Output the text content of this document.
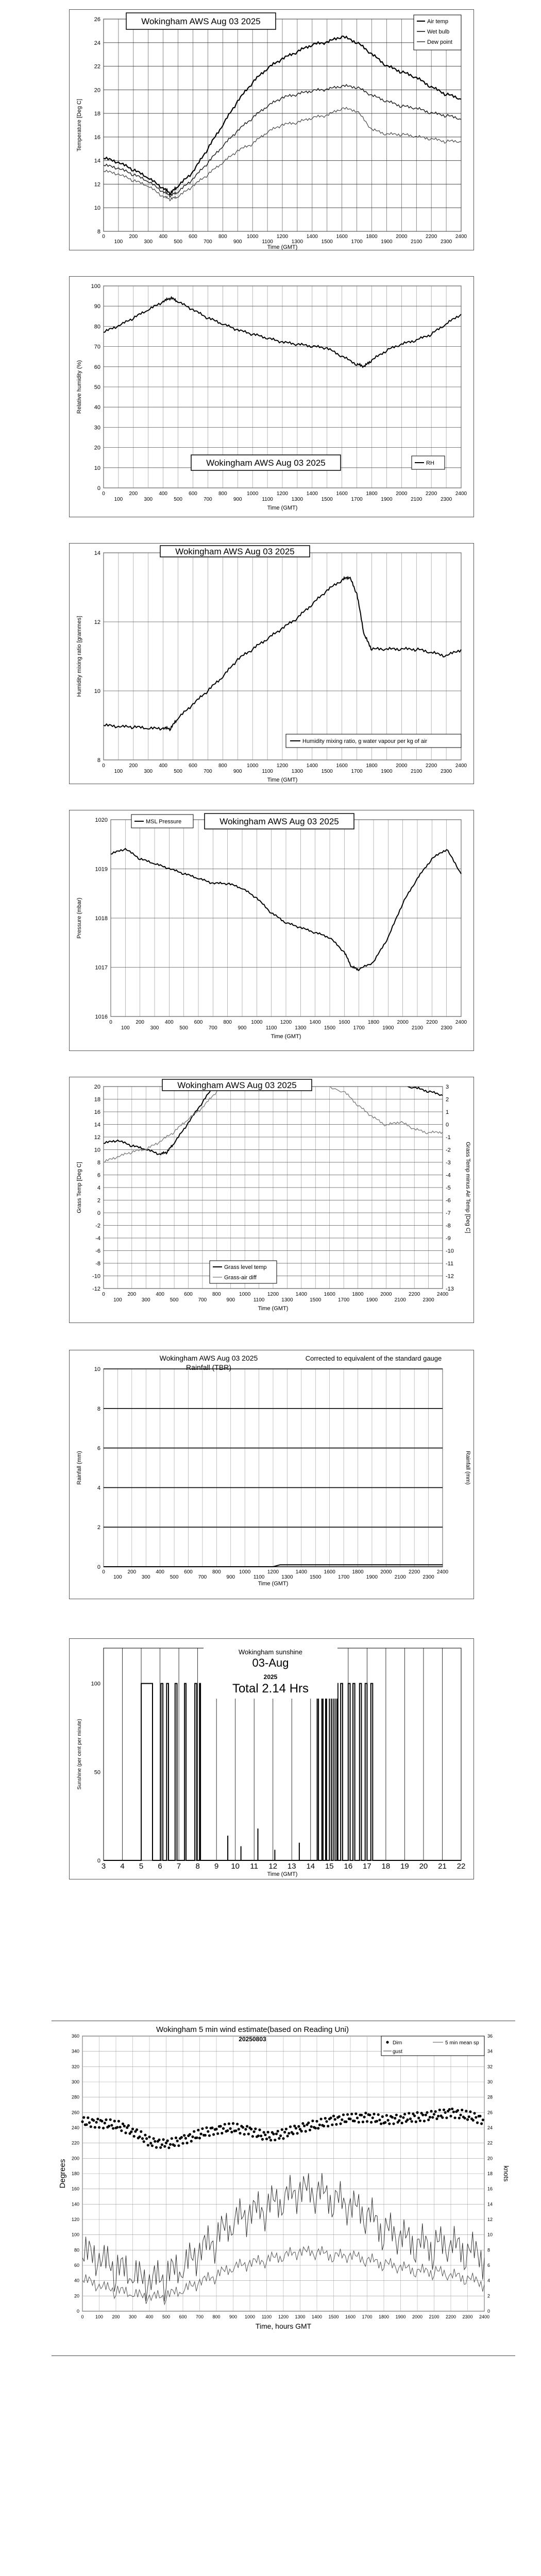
8
10
12
14
16
18
20
22
24
26
0
100
200
300
400
500
600
700
800
900
1000
1100
1200
1300
1400
1500
1600
1700
1800
1900
2000
2100
2200
2300
2400
Time (GMT)
Temperature [Deg C]
Wokingham AWS Aug 03 2025	Air temp
Wet bulb
Dew point
0
10
20
30
40
50
60
70
80
90
100
0
100
200
300
400
500
600
700
800
900
1000
1100
1200
1300
1400
1500
1600
1700
1800
1900
2000
2100
2200
2300
2400
Time (GMT)
Relative humidity (%)
Wokingham AWS Aug 03 2025	RH
8
10
12
14
0
100
200
300
400
500
600
700
800
900
1000
1100
1200
1300
1400
1500
1600
1700
1800
1900
2000
2100
2200
2300
2400
Time (GMT)
Humidity mixing ratio [grammes]
Wokingham AWS Aug 03 2025
Humidity mixing ratio, g water vapour per kg of air
1016
1017
1018
1019
1020
0
100
200
300
400
500
600
700
800
900
1000
1100
1200
1300
1400
1500
1600
1700
1800
1900
2000
2100
2200
2300
2400
Time (GMT)
Pressure (mbar)
MSL Pressure	Wokingham AWS Aug 03 2025
-12
-10
-8
-6
-4
-2
0
2
4
6
8
10
12
14
16
18
20
0
100
200
300
400
500
600
700
800
900
1000
1100
1200
1300
1400
1500
1600
1700
1800
1900
2000
2100
2200
2300
2400
Time (GMT)
Grass Temp [Deg C]
-13
-12
-11
-10
-9
-8
-7
-6
-5
-4
-3
-2
-1
0
1
2
3
Grass Temp minus Air Temp [Deg C]
Wokingham AWS Aug 03 2025
Grass level temp
Grass-air diff
0
2
4
6
8
10
0
100
200
300
400
500
600
700
800
900
1000
1100
1200
1300
1400
1500
1600
1700
1800
1900
2000
2100
2200
2300
2400
Time (GMT)
Rainfall (mm)	Rainfall (mm)
Wokingham AWS Aug 03 2025
Rainfall (TBR)
Corrected to equivalent of the standard gauge
0
50
100
3 4 5 6 7 8 9 10 11 12 13 14 15 16 17 18 19 20 21 22
Time (GMT)
Sunshine (per cent per minute)
Wokingham sunshine
03-Aug
2025
Total 2.14 Hrs
0 100 200 300 400 500 600 700 800 900 1000 1100 1200 1300 1400 1500 1600 1700 1800 1900 2000 2100 2200 2300 2400
0
20
40
60
80
100
120
140
160
180
200
220
240
260
280
300
320
340
360
0
2
4
6
8
10
12
14
16
18
20
22
24
26
28
30
32
34
36
Time, hours GMT
Degrees	knots
Wokingham 5 min wind estimate(based on Reading Uni)
20250803
Dirn	5 min mean sp
gust
